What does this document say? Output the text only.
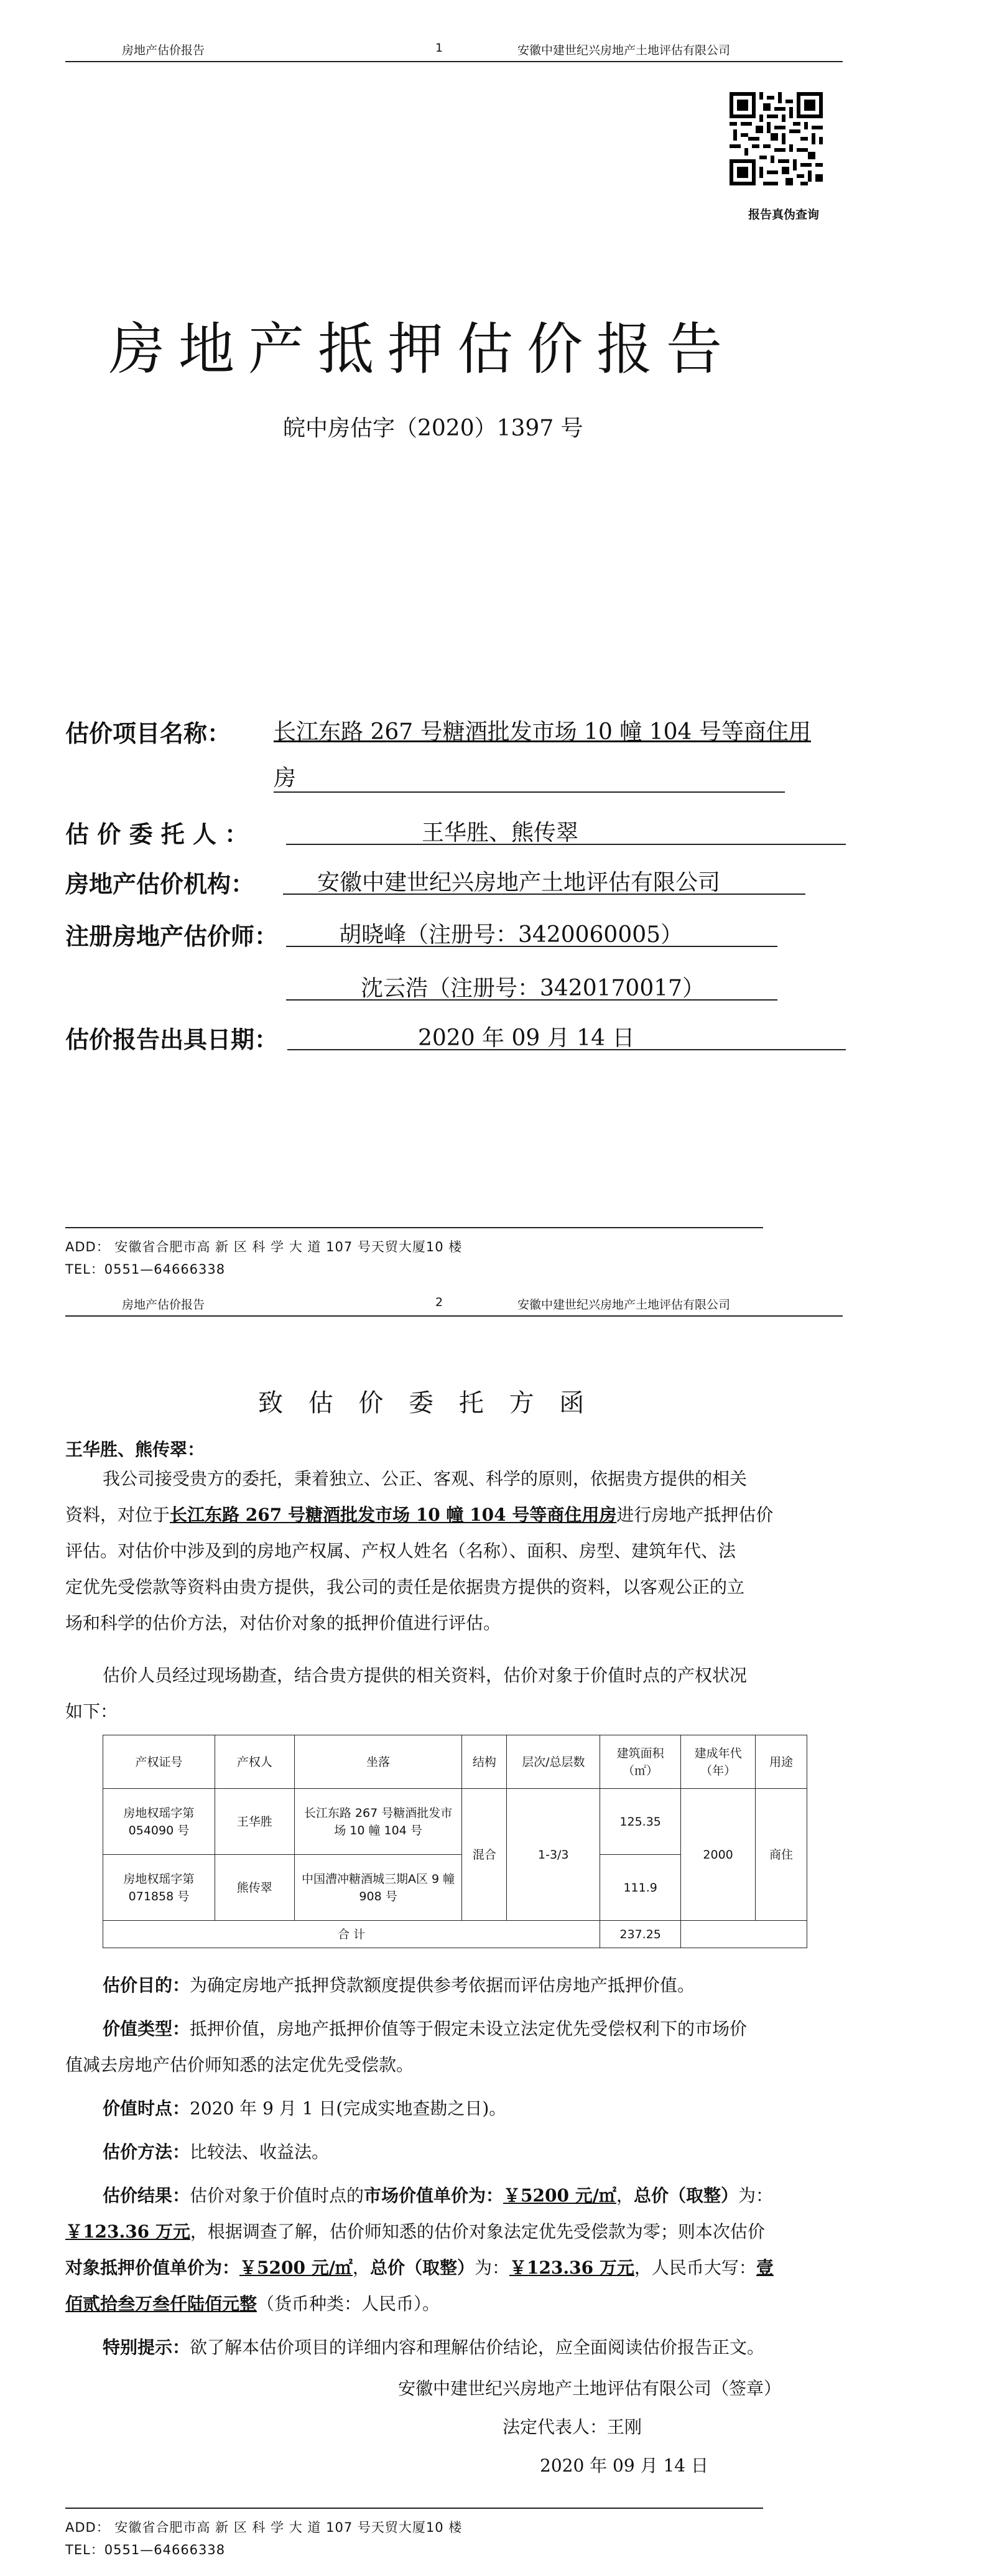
房地产估价报告	1	安徽中建世纪兴房地产土地评估有限公司
报告真伪查询
房地产抵押估价报告
皖中房估字（2020）1397 号
估价项目名称： 长江东路 267 号糖酒批发市场 10 幢 104 号等商住用
房
估 价 委 托 人 ：	王华胜、熊传翠
房地产估价机构：	安徽中建世纪兴房地产土地评估有限公司
注册房地产估价师：	胡晓峰（注册号：3420060005）
沈云浩（注册号：3420170017）
估价报告出具日期：	2020 年 09 月 14 日
ADD： 安徽省合肥市高 新 区 科 学 大 道 107 号天贸大厦10 楼
TEL：0551—64666338
房地产估价报告	2	安徽中建世纪兴房地产土地评估有限公司
致 估 价 委 托 方 函
王华胜、熊传翠：
我公司接受贵方的委托，秉着独立、公正、客观、科学的原则，依据贵方提供的相关
资料，对位于长江东路 267 号糖酒批发市场 10 幢 104 号等商住用房进行房地产抵押估价
评估。对估价中涉及到的房地产权属、产权人姓名（名称）、面积、房型、建筑年代、法
定优先受偿款等资料由贵方提供，我公司的责任是依据贵方提供的资料，以客观公正的立
场和科学的估价方法，对估价对象的抵押价值进行评估。
估价人员经过现场勘查，结合贵方提供的相关资料，估价对象于价值时点的产权状况
如下：
产权证号	产权人	坐落	结构	层次/总层数	建筑面积（㎡）	建成年代（年）	用途
房地权瑶字第054090 号	王华胜	长江东路 267 号糖酒批发市场 10 幢 104 号	混合	1-3/3	125.35	2000	商住
房地权瑶字第071858 号	熊传翠	中国漕冲糖酒城三期A区 9 幢 908 号			111.9		
合 计					237.25		
估价目的：为确定房地产抵押贷款额度提供参考依据而评估房地产抵押价值。
价值类型：抵押价值，房地产抵押价值等于假定未设立法定优先受偿权利下的市场价
值减去房地产估价师知悉的法定优先受偿款。
价值时点：2020 年 9 月 1 日(完成实地查勘之日)。
估价方法：比较法、收益法。
估价结果：估价对象于价值时点的市场价值单价为：￥5200 元/㎡，总价（取整）为：
￥123.36 万元，根据调查了解，估价师知悉的估价对象法定优先受偿款为零；则本次估价
对象抵押价值单价为：￥5200 元/㎡，总价（取整）为：￥123.36 万元，人民币大写：壹
佰贰拾叁万叁仟陆佰元整（货币种类：人民币）。
特别提示：欲了解本估价项目的详细内容和理解估价结论，应全面阅读估价报告正文。
安徽中建世纪兴房地产土地评估有限公司（签章）
法定代表人：王刚
2020 年 09 月 14 日
ADD： 安徽省合肥市高 新 区 科 学 大 道 107 号天贸大厦10 楼
TEL：0551—64666338
